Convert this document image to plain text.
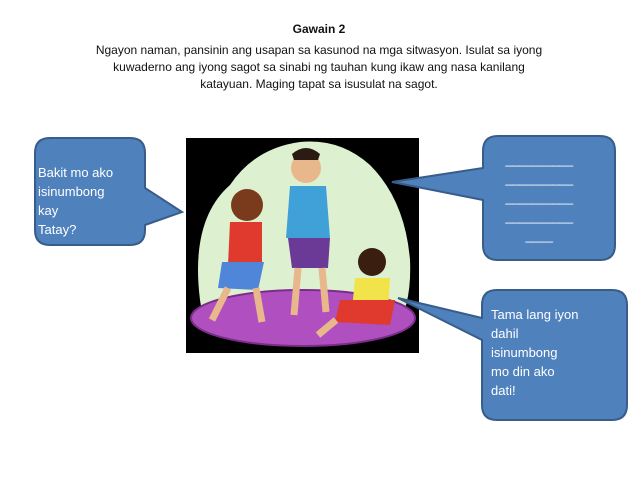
Gawain 2
Ngayon naman, pansinin ang usapan sa kasunod na mga sitwasyon. Isulat sa iyong kuwaderno ang iyong sagot sa sinabi ng tauhan kung ikaw ang nasa kanilang katayuan. Maging tapat sa isusulat na sagot.
Bakit mo ako
isinumbong
kay
Tatay?
__________
__________
__________
__________
____
Tama lang iyon
dahil
isinumbong
mo din ako
dati!
